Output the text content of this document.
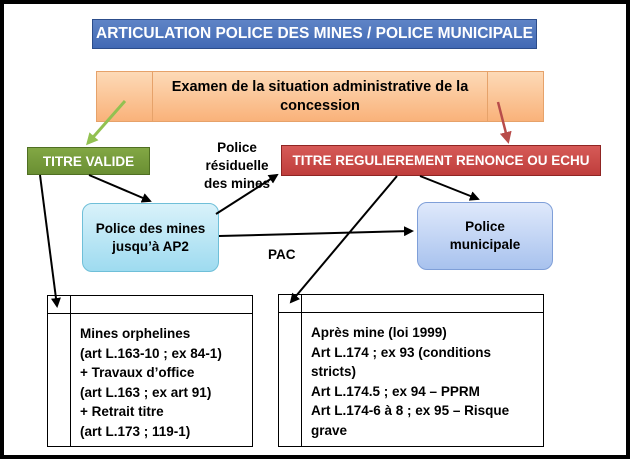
ARTICULATION POLICE DES MINES / POLICE MUNICIPALE
Examen de la situation administrative de la
concession
TITRE VALIDE	TITRE REGULIEREMENT RENONCE OU ECHU
Police
résiduelle
des mines
Police des mines
jusqu’à AP2
Police
municipale
PAC
Mines orphelines
(art L.163-10 ; ex 84-1)
+ Travaux d’office
(art L.163 ; ex art 91)
+ Retrait titre
(art L.173 ; 119-1)
Après mine (loi 1999)
Art L.174 ; ex 93 (conditions
stricts)
Art L.174.5 ; ex 94 – PPRM
Art L.174-6 à 8 ; ex 95 – Risque
grave
